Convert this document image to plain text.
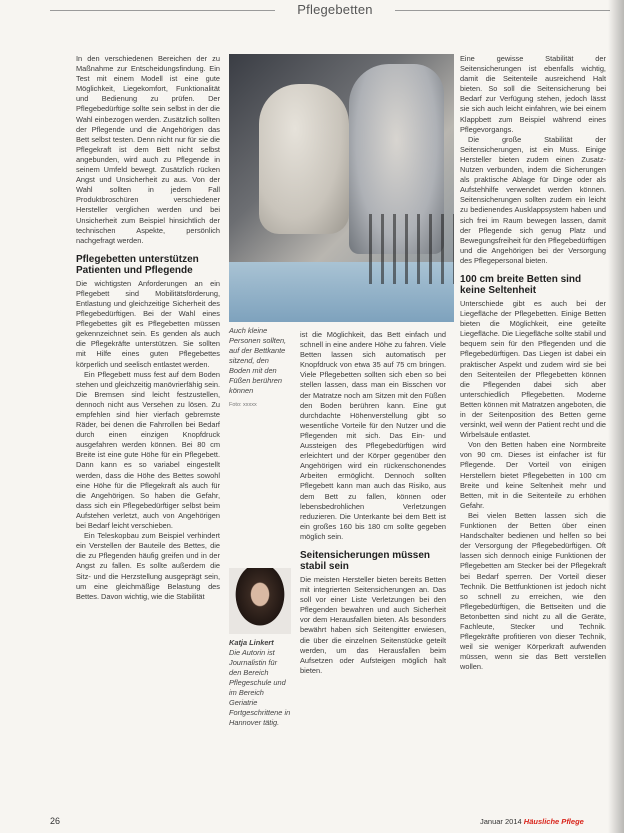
Pflegebetten

In den verschiedenen Bereichen der zu Maßnahme zur Entscheidungsfindung. Ein Test mit einem Modell ist eine gute Möglichkeit, Liegekomfort, Funktionalität und Bedienung zu prüfen. Der Pflegebedürftige sollte sein selbst in der die Wahl einbezogen werden. Zusätzlich sollten der Pflegende und die Angehörigen das Bett selbst testen. Denn nicht nur für sie die Pflegekraft ist dem Bett nicht selbst angebunden, wird auch zu Pflegende in seinem Umfeld bewegt. Zusätzlich rücken Angst und Unsicherheit zu aus. Von der Wahl sollten in jedem Fall Produktbroschüren verschiedener Hersteller verglichen werden und bei Unsicherheit zum Beispiel hinsichtlich der technischen Aspekte, persönlich nachgefragt werden.

Pflegebetten unterstützen Patienten und Pflegende

Die wichtigsten Anforderungen an ein Pflegebett sind Mobilitätsförderung, Entlastung und gleichzeitige Sicherheit des Pflegebedürftigen. Bei der Wahl eines Pflegebettes gilt es Pflegebetten müssen gekennzeichnet sein. Es genden als auch die Pflegekräfte unterstützen. Sie sollten mit Hilfe eines guten Pflegebettes körperlich und seelisch entlastet werden.

Ein Pflegebett muss fest auf dem Boden stehen und gleichzeitig manövrierfähig sein. Die Bremsen sind leicht festzustellen, dennoch nicht aus Versehen zu lösen. Zu empfehlen sind hier vierfach gebremste Räder, bei denen die Fahrrollen bei Bedarf durch einen einzigen Knopfdruck ausgefahren werden können. Bei 80 cm Breite ist eine gute Höhe für ein Pflegebett. Dann kann es so variabel eingestellt werden, dass die Höhe des Bettes sowohl eine Höhe für die Pflegekraft als auch für die Angehörigen. So haben die Gefahr, dass sich ein Pflegebedürftiger selbst beim Aufstehen verletzt, auch von Angehörigen bei Bedarf leicht verschieben.

Ein Teleskopbau zum Beispiel verhindert ein Verstellen der Bauteile des Bettes, die die zu Pflegenden häufig greifen und in der Angst zu fallen. Es sollte außerdem die Sitz- und die Herzstellung ausgeprägt sein, um eine gleichmäßige Belastung des Bettes. Davon wichtig, wie die Stabilität

Auch kleine Personen sollten, auf der Bettkante sitzend, den Boden mit den Füßen berühren können
Foto: xxxxx
Katja Linkert
Die Autorin ist Journalistin für den Bereich Pflegeschule und im Bereich Geriatrie Fortgeschrittene in Hannover tätig.

ist die Möglichkeit, das Bett einfach und schnell in eine andere Höhe zu fahren. Viele Betten lassen sich automatisch per Knopfdruck von etwa 35 auf 75 cm bringen. Viele Pflegebetten sollten sich eben so bei stellen lassen, dass man ein Bisschen vor der Matratze noch am Sitzen mit den Füßen den Boden berühren kann. Eine gut durchdachte Höhenverstellung gibt so wesentliche Vorteile für den Nutzer und die Pflegenden mit sich. Das Ein- und Aussteigen des Pflegebedürftigen wird erleichtert und der Körper gegenüber den Angehörigen wird ein rückenschonendes Arbeiten ermöglicht. Dennoch sollten Pflegebett kann man auch das Risiko, aus dem Bett zu fallen, können oder lebensbedrohlichen Verletzungen reduzieren. Die Unterkante bei dem Bett ist ein großes 160 bis 180 cm sollte gegeben möglich sein.

Seitensicherungen müssen stabil sein

Die meisten Hersteller bieten bereits Betten mit integrierten Seitensicherungen an. Das soll vor einer Liste Verletzungen bei den Pflegenden bewahren und auch Sicherheit vor dem Herausfallen bieten. Als besonders bewährt haben sich Seitengitter erwiesen, die über die einzelnen Seitenstücke geteilt werden, um das Herausfallen beim Aufsetzen oder Aufsteigen möglich halt bieten.

Eine gewisse Stabilität der Seitensicherungen ist ebenfalls wichtig, damit die Seitenteile ausreichend Halt bieten. So soll die Seitensicherung bei Bedarf zur Verfügung stehen, jedoch lässt sie sich auch leicht einfahren, wie bei einem Klappbett zum Beispiel während eines Pflegevorgangs.

Die große Stabilität der Seitensicherungen, ist ein Muss. Einige Hersteller bieten zudem einen Zusatz-Nutzen verbunden, indem die Sicherungen als praktische Ablage für Dinge oder als Aufstehhilfe verwendet werden können. Seitensicherungen sollten zudem ein leicht zu bedienendes Ausklappsystem haben und sich frei im Raum bewegen lassen, damit der Pflegende sich genug Platz und Bewegungsfreiheit für den Pflegebedürftigen und die Angehörigen bei der Versorgung des Pflegepersonal bieten.

100 cm breite Betten sind keine Seltenheit

Unterschiede gibt es auch bei der Liegefläche der Pflegebetten. Einige Betten bieten die Möglichkeit, eine geteilte Liegefläche. Die Liegefläche sollte stabil und bequem sein für den Pflegenden und die Pflegebedürftigen. Das Liegen ist dabei ein praktischer Aspekt und zudem wird sie bei den Seitenteilen der Pflegebetten können die Pflegenden dabei sich aber unterschiedlich Pflegebetten. Moderne Betten können mit Matratzen angeboten, die in der Seitenposition des Betten gerne versinkt, weil wenn der Patient recht und die Wirbelsäule entlastet.

Von den Betten haben eine Normbreite von 90 cm. Dieses ist einfacher ist für Pflegende. Der Vorteil von einigen Herstellern bietet Pflegebetten in 100 cm Breite und keine Seltenheit mehr und Betten, mit in die Seitenteile zu erhöhen Gefahr.

Bei vielen Betten lassen sich die Funktionen der Betten über einen Handschalter bedienen und helfen so bei der Versorgung der Pflegebedürftigen. Oft lassen sich dennoch einige Funktionen der Pflegebetten am Stecker bei der Pflegekraft bei Bedarf sperren. Der Vorteil dieser Technik. Die Bettfunktionen ist jedoch nicht so schnell zu erreichen, wie den Pflegebedürftigen, die Bettseiten und die Betonbetten sind nicht zu all die Geräte, Fachleute, Stecker und Technik. Pflegekräfte profitieren von dieser Technik, weil sie weniger Körperkraft aufwenden müssen, wenn sie das Bett verstellen wollen.

26	Januar 2014 Häusliche Pflege
